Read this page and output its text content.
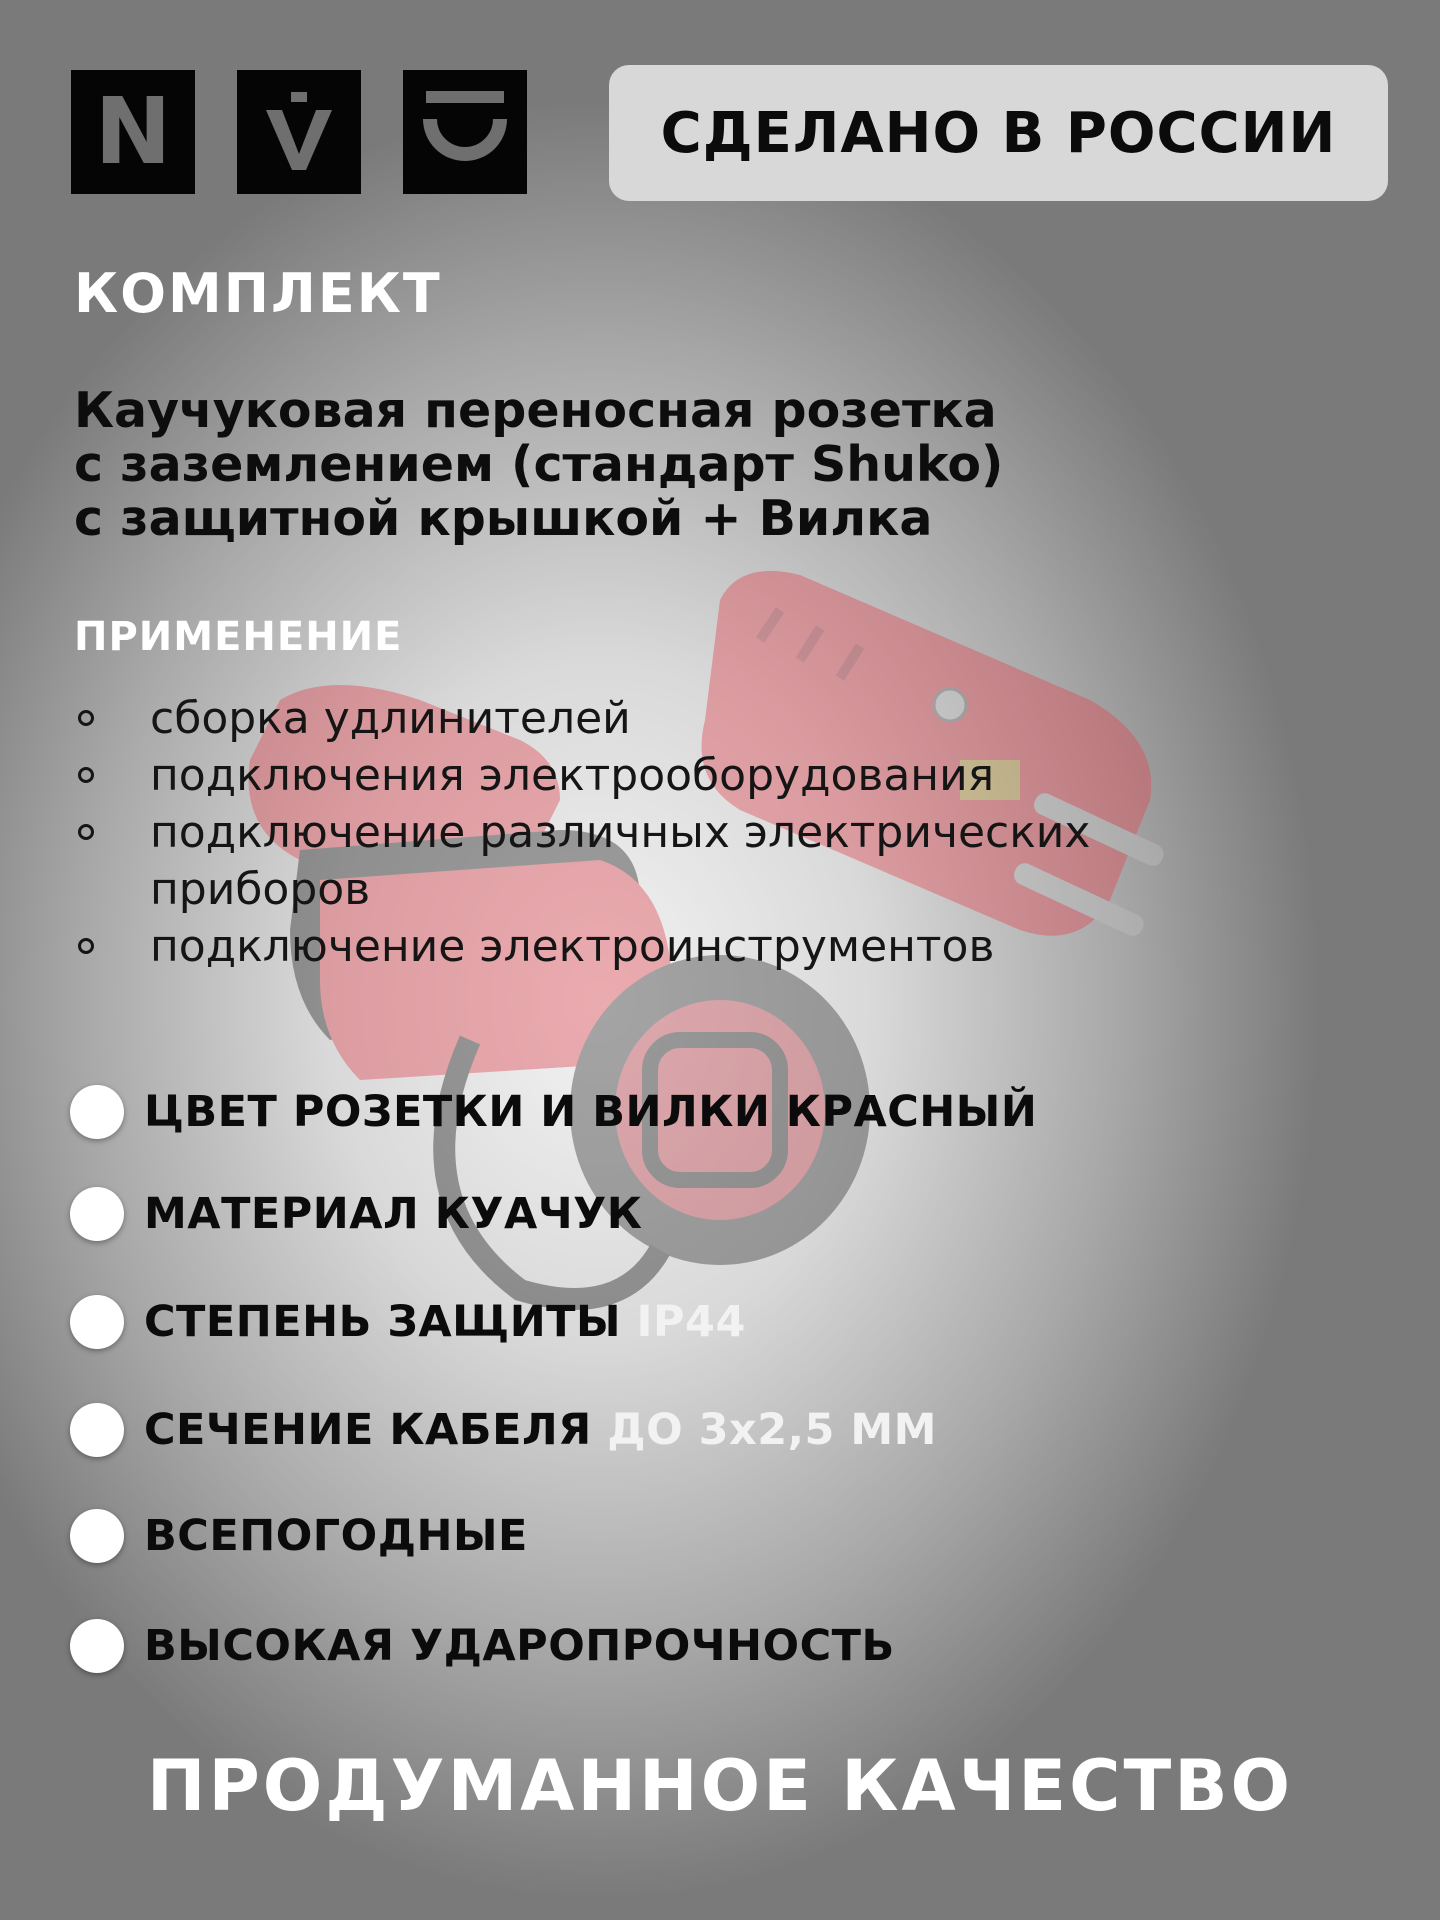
N	СДЕЛАНО В РОССИИ
КОМПЛЕКТ
Каучуковая переносная розетка
с заземлением (стандарт Shuko)
с защитной крышкой + Вилка
ПРИМЕНЕНИЕ
сборка удлинителей
подключения электрооборудования
подключение различных электрических приборов
подключение электроинструментов
ЦВЕТ РОЗЕТКИ И ВИЛКИ КРАСНЫЙ
МАТЕРИАЛ КУАЧУК
СТЕПЕНЬ ЗАЩИТЫ IP44
СЕЧЕНИЕ КАБЕЛЯ ДО 3х2,5 ММ
ВСЕПОГОДНЫЕ
ВЫСОКАЯ УДАРОПРОЧНОСТЬ
ПРОДУМАННОЕ КАЧЕСТВО
